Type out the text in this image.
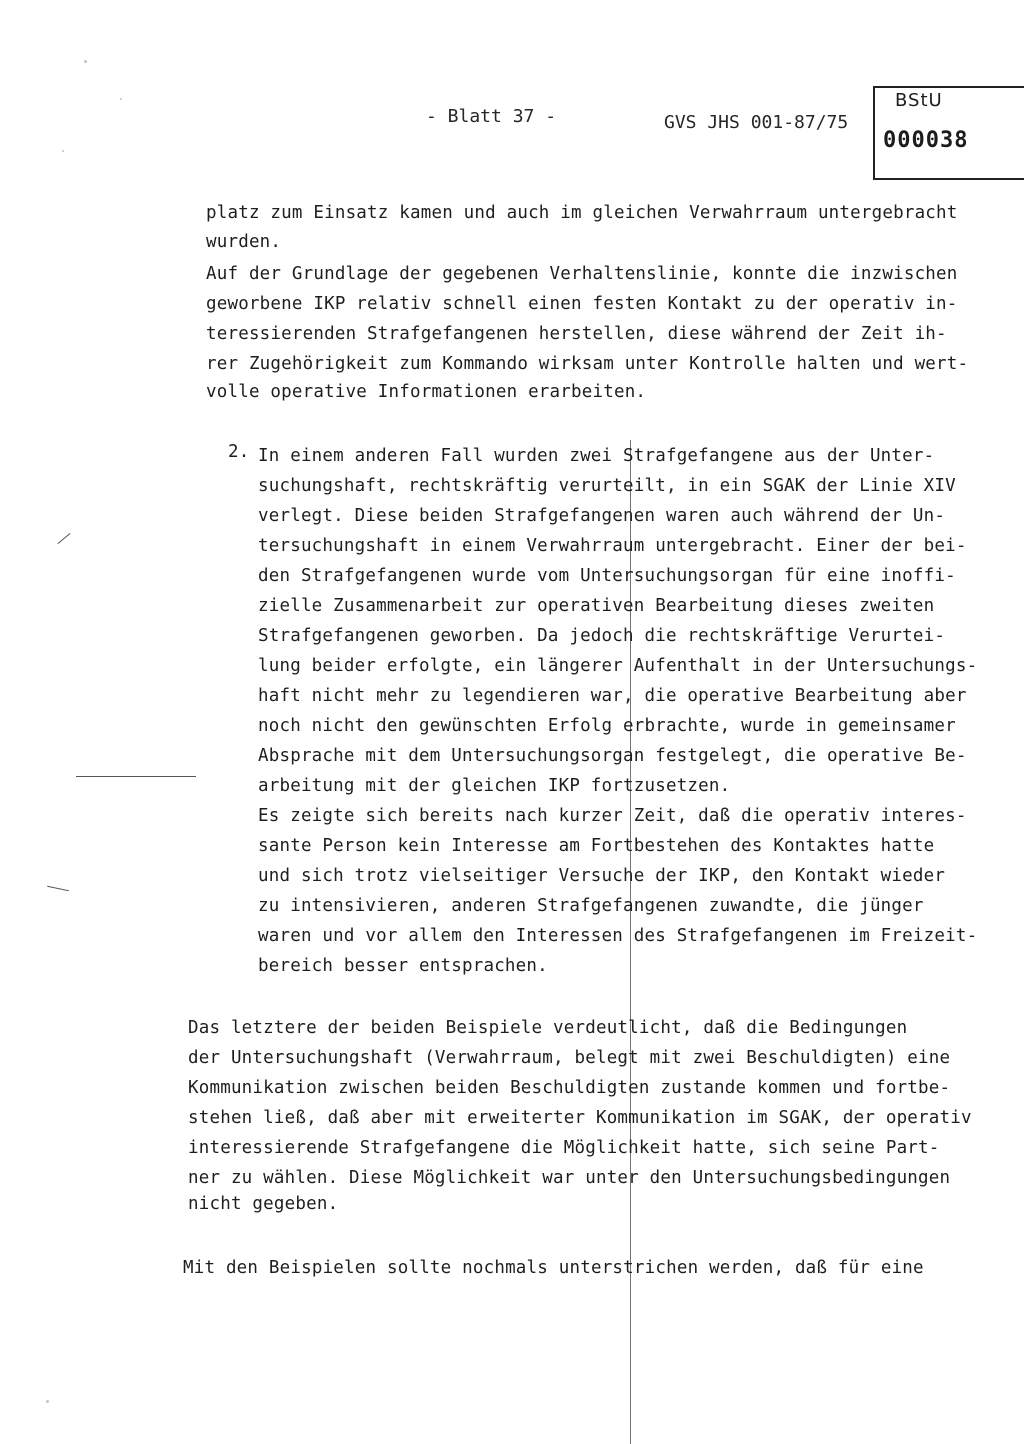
- Blatt 37 -	GVS JHS 001-87/75
BStU
000038
platz zum Einsatz kamen und auch im gleichen Verwahrraum untergebracht
wurden.
Auf der Grundlage der gegebenen Verhaltenslinie, konnte die inzwischen
geworbene IKP relativ schnell einen festen Kontakt zu der operativ in-
teressierenden Strafgefangenen herstellen, diese während der Zeit ih-
rer Zugehörigkeit zum Kommando wirksam unter Kontrolle halten und wert-
volle operative Informationen erarbeiten.
2. In einem anderen Fall wurden zwei Strafgefangene aus der Unter-
suchungshaft, rechtskräftig verurteilt, in ein SGAK der Linie XIV
verlegt. Diese beiden Strafgefangenen waren auch während der Un-
tersuchungshaft in einem Verwahrraum untergebracht. Einer der bei-
den Strafgefangenen wurde vom Untersuchungsorgan für eine inoffi-
zielle Zusammenarbeit zur operativen Bearbeitung dieses zweiten
Strafgefangenen geworben. Da jedoch die rechtskräftige Verurtei-
lung beider erfolgte, ein längerer Aufenthalt in der Untersuchungs-
haft nicht mehr zu legendieren war, die operative Bearbeitung aber
noch nicht den gewünschten Erfolg erbrachte, wurde in gemeinsamer
Absprache mit dem Untersuchungsorgan festgelegt, die operative Be-
arbeitung mit der gleichen IKP fortzusetzen.
Es zeigte sich bereits nach kurzer Zeit, daß die operativ interes-
sante Person kein Interesse am Fortbestehen des Kontaktes hatte
und sich trotz vielseitiger Versuche der IKP, den Kontakt wieder
zu intensivieren, anderen Strafgefangenen zuwandte, die jünger
waren und vor allem den Interessen des Strafgefangenen im Freizeit-
bereich besser entsprachen.
Das letztere der beiden Beispiele verdeutlicht, daß die Bedingungen
der Untersuchungshaft (Verwahrraum, belegt mit zwei Beschuldigten) eine
Kommunikation zwischen beiden Beschuldigten zustande kommen und fortbe-
stehen ließ, daß aber mit erweiterter Kommunikation im SGAK, der operativ
interessierende Strafgefangene die Möglichkeit hatte, sich seine Part-
ner zu wählen. Diese Möglichkeit war unter den Untersuchungsbedingungen
nicht gegeben.
Mit den Beispielen sollte nochmals unterstrichen werden, daß für eine
